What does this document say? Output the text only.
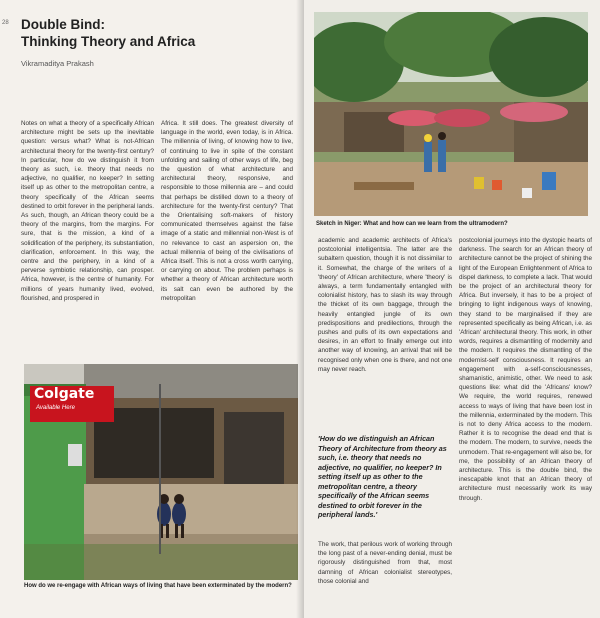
28 Double Bind:
Thinking Theory and Africa
Vikramaditya Prakash

Notes on what a theory of a specifically African architecture might be sets up the inevitable question: versus what? What is not-African architectural theory for the twenty-first century? In particular, how do we distinguish it from theory as such, i.e. theory that needs no adjective, no qualifier, no keeper? In setting itself up as other to the metropolitan centre, a theory specifically of the African seems destined to orbit forever in the peripheral lands. As such, though, an African theory could be a theory of the margins, from the margins. For sure, that is the mission, a kind of a solidification of the periphery, its substantiation, clarification, enforcement. In this way, the centre and the periphery, in a kind of a perverse symbiotic relationship, can prosper. Africa, however, is the centre of humanity. For millions of years humanity lived, evolved, flourished, and prospered in

Africa. It still does. The greatest diversity of language in the world, even today, is in Africa. The millennia of living, of knowing how to live, of continuing to live in spite of the constant unfolding and sailing of other ways of life, beg the question of what architecture and architectural theory, responsive, and responsible to those millennia are – and could that perhaps be distilled down to a theory of architecture for the twenty-first century? That the Orientalising soft-makers of history communicated themselves against the false image of a static and millennial non-West is of no relevance to cast an aspersion on, the actual millennia of being of the civilisations of Africa itself. This is not a cross worth carrying, or carrying on about. The problem perhaps is whether a theory of African architecture worth its salt can even be authored by the metropolitan

Colgate
Available Here
How do we re-engage with African ways of living that have been exterminated by the modern?
Sketch in Niger: What and how can we learn from the ultramodern?

academic and academic architects of Africa's postcolonial intelligentsia. The latter are the subaltern question, though it is not dissimilar to it. Somewhat, the charge of the writers of a 'theory' of African architecture, where 'theory' is always, a term fundamentally entangled with colonialist history, has to slash its way through the thicket of its own baggage, through the heavily entangled jungle of its own predispositions and predilections, through the pushes and pulls of its own expectations and desires, in an effort to finally emerge out into another way of knowing, an arrival that will be recognised only when one is there, and not one may never reach.

postcolonial journeys into the dystopic hearts of darkness. The search for an African theory of architecture cannot be the project of shining the light of the European Enlightenment of Africa to dispel darkness, to complete a lack. That would be the project of an architectural theory for Africa. But inversely, it has to be a project of bringing to light indigenous ways of knowing, they stand to be marginalised if they are represented specifically as being African, i.e. as 'African' architectural theory. This work, in other words, requires a dismantling of modernity and the modern. It requires the dismantling of the modernist-self consciousness. It requires an engagement with a-self-consciousnesses, shamanistic, animistic, other. We need to ask questions like: what did the 'Africans' know? We require, the world requires, renewed access to ways of living that have been lost in the millennia, exterminated by the modern. This is not to deny Africa access to the modern. Rather it is to recognise the dead end that is the modern. The modern, to survive, needs the unmodern. That re-engagement will also be, for me, the possibility of an African theory of architecture. This is the double bind, the inescapable knot that an African theory of architecture must necessarily work its way through.

The work, that perilous work of working through the long past of a never-ending denial, must be rigorously distinguished from that, most damning of African colonialist stereotypes, those colonial and

'How do we distinguish an African Theory of Architecture from theory as such, i.e. theory that needs no adjective, no qualifier, no keeper? In setting itself up as other to the metropolitan centre, a theory specifically of the African seems destined to orbit forever in the peripheral lands.'
